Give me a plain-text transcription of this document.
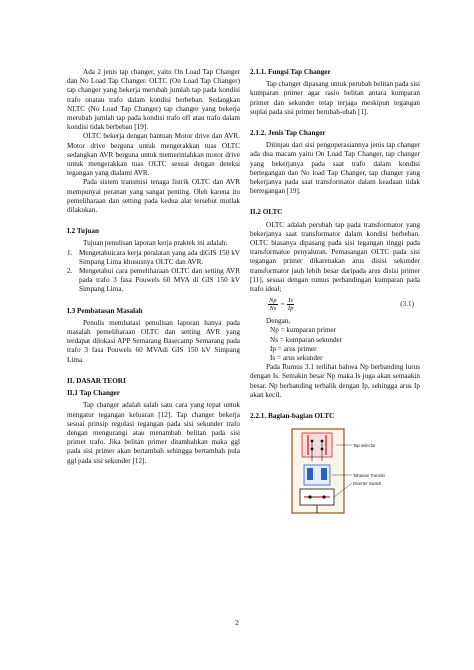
Ada 2 jenis tap changer, yaitu On Load Tap Changer dan No Load Tap Changer. OLTC (On Load Tap Changer) tap changer yang bekerja merubah jumlah tap pada kondisi trafo onatau trafo dalam kondisi berbeban. Sedangkan NLTC (No Load Tap Changer) tap changer yang bekerja merubah jumlah tap pada kondisi trafo off atau trafo dalam kondisi tidak berbeban [19].

OLTC bekerja dengan bantuan Motor drive dan AVR. Motor drive berguna untuk mengerakkan tuas OLTC sedangkan AVR berguna untuk memerintahkan motor drive untuk mengerakkan tuas OLTC sesuai dengan deteksi tegangan yang dialami AVR.

Pada sistem transmisi tenaga listrik OLTC dan AVR mempunyai peranan yang sangat penting. Oleh karena itu pemeliharaan dan setting pada kedua alat tersebut mutlak dilakukan.

I.2 Tujuan

Tujuan penulisan laporan kerja praktek ini adalah:

1. Mengetahuicara kerja peralatan yang ada diGIS 150 kV Simpang Lima khususnya OLTC dan AVR.
2. Mengetahui cara pemeliharaan OLTC dan setting AVR pada trafo 3 fasa Pouwels 60 MVA di GIS 150 kV Simpang Lima.
I.3 Pembatasan Masalah

Penulis membatasi penulisan laporan hanya pada masalah pemeliharaan OLTC dan setting AVR yang terdapat dilokasi APP Semarang Basecamp Semarang pada trafo 3 fasa Pouwels 60 MVAdi GIS 150 kV Simpang Lima.

II. DASAR TEORI
II.1 Tap Changer

Tap changer adalah salah satu cara yang tepat untuk mengatur tegangan keluaran [12]. Tap changer bekerja sesuai prinsip regulasi tegangan pada sisi sekunder trafo dengan mengurangi atau menambah belitan pada sisi primer trafo. Jika belitan primer ditambahkan maka ggl pada sisi primer akan bertambah sehingga bertambah pula ggl pada sisi sekunder [12].

2.1.1. Fungsi Tap Changer

Tap changer dipasang untuk perubah belitan pada sisi kumparan primer agar rasio belitan antara kumparan primer dan sekunder tetap terjaga meskipun tegangan suplai pada sisi primer berubah-ubah [1].

2.1.2. Jenis Tap Changer

Ditinjau dari sisi pengoperasiannya jenis tap changer ada dua macam yaitu On Load Tap Changer, tap changer yang bekerjanya pada saat trafo dalam kondisi bertegangan dan No load Tap Changer, tap changer yang bekerjanya pada saat transformator dalam keadaan tidak bertegangan [19].

II.2 OLTC

OLTC adalah perubah tap pada transformator yang bekerjanya saat transformator dalam kondisi berbeban. OLTC biasanya dipasang pada sisi tegangan tinggi pada transformatoe penyaluran. Pemasangan OLTC pada sisi tegangan primer dikarenakan arus disisi sekunder transformator jauh lebih besar daripada arus disisi primer [11], sesuai dengan rumus perbandingan kumparan pada trafo ideal;

$\frac{Np}{Ns} = \frac{Is}{Ip}$	(3.1)

Dengan,

Np = kumparan primer
Ns = kumparan sekunder
Ip = arus primer
Is = arus sekunder

Pada Rumus 3.1 terlihat bahwa Np berbanding lurus dengan Is. Semakin besar Np maka Is juga akan semaakin besar. Np berbanding terbalik dengan Ip, sehingga arus Ip akan kecil.

2.2.1. Bagian-bagian OLTC
Tap selector
Tahanan Transisi
Diverter Switch
2
